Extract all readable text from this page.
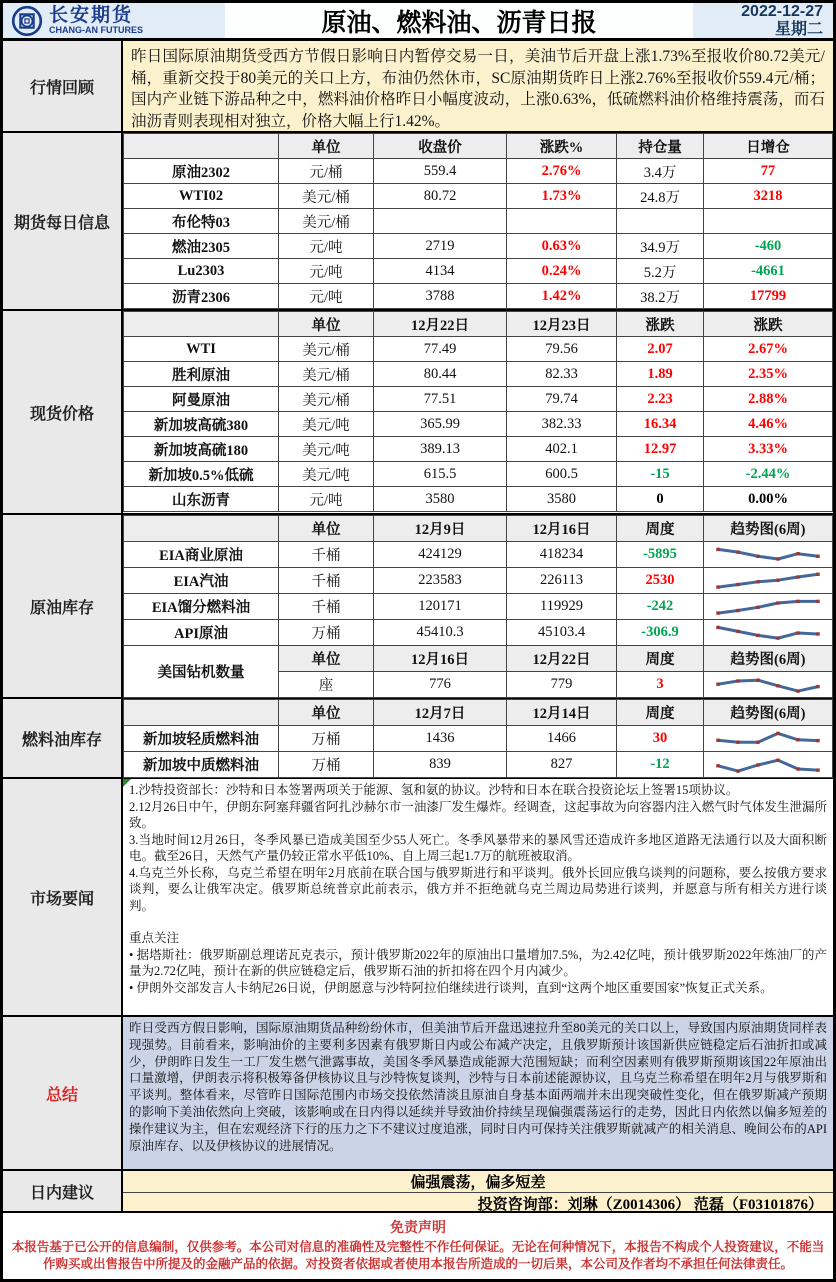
长安期货
CHANG-AN FUTURES	原油、燃料油、沥青日报	2022-12-27
星期二
行情回顾
昨日国际原油期货受西方节假日影响日内暂停交易一日，美油节后开盘上涨1.73%至报收价80.72美元/桶，重新交投于80美元的关口上方，布油仍然休市，SC原油期货昨日上涨2.76%至报收价559.4元/桶；国内产业链下游品种之中，燃料油价格昨日小幅度波动，上涨0.63%，低硫燃料油价格维持震荡，而石油沥青则表现相对独立，价格大幅上行1.42%。
期货每日信息
	单位	收盘价	涨跌%	持仓量	日增仓
原油2302	元/桶	559.4	2.76%	3.4万	77
WTI02	美元/桶	80.72	1.73%	24.8万	3218
布伦特03	美元/桶				
燃油2305	元/吨	2719	0.63%	34.9万	-460
Lu2303	元/吨	4134	0.24%	5.2万	-4661
沥青2306	元/吨	3788	1.42%	38.2万	17799
现货价格
	单位	12月22日	12月23日	涨跌	涨跌
WTI	美元/桶	77.49	79.56	2.07	2.67%
胜利原油	美元/桶	80.44	82.33	1.89	2.35%
阿曼原油	美元/桶	77.51	79.74	2.23	2.88%
新加坡高硫380	美元/吨	365.99	382.33	16.34	4.46%
新加坡高硫180	美元/吨	389.13	402.1	12.97	3.33%
新加坡0.5%低硫	美元/吨	615.5	600.5	-15	-2.44%
山东沥青	元/吨	3580	3580	0	0.00%
原油库存
	单位	12月9日	12月16日	周度	趋势图(6周)
EIA商业原油	千桶	424129	418234	-5895	

EIA汽油	千桶	223583	226113	2530	

EIA馏分燃料油	千桶	120171	119929	-242	

API原油	万桶	45410.3	45103.4	-306.9	

美国钻机数量	单位	12月16日	12月22日	周度	趋势图(6周)
	座	776	779	3	
燃料油库存
	单位	12月7日	12月14日	周度	趋势图(6周)
新加坡轻质燃料油	万桶	1436	1466	30	

新加坡中质燃料油	万桶	839	827	-12	
市场要闻

1.沙特投资部长：沙特和日本签署两项关于能源、氢和氨的协议。沙特和日本在联合投资论坛上签署15项协议。

2.12月26日中午，伊朗东阿塞拜疆省阿扎沙赫尔市一油漆厂发生爆炸。经调查，这起事故为向容器内注入燃气时气体发生泄漏所致。

3.当地时间12月26日，冬季风暴已造成美国至少55人死亡。冬季风暴带来的暴风雪还造成许多地区道路无法通行以及大面积断电。截至26日，天然气产量仍较正常水平低10%、自上周三起1.7万的航班被取消。

4.乌克兰外长称，乌克兰希望在明年2月底前在联合国与俄罗斯进行和平谈判。俄外长回应俄乌谈判的问题称，要么按俄方要求谈判，要么让俄军决定。俄罗斯总统普京此前表示，俄方并不拒绝就乌克兰周边局势进行谈判，并愿意与所有相关方进行谈判。

重点关注

• 据塔斯社：俄罗斯副总理诺瓦克表示，预计俄罗斯2022年的原油出口量增加7.5%，为2.42亿吨，预计俄罗斯2022年炼油厂的产量为2.72亿吨，预计在新的供应链稳定后，俄罗斯石油的折扣将在四个月内减少。

• 伊朗外交部发言人卡纳尼26日说，伊朗愿意与沙特阿拉伯继续进行谈判，直到“这两个地区重要国家”恢复正式关系。

总结
昨日受西方假日影响，国际原油期货品种纷纷休市，但美油节后开盘迅速拉升至80美元的关口以上，导致国内原油期货同样表现强势。目前看来，影响油价的主要利多因素有俄罗斯日内或公布减产决定，且俄罗斯预计该国新供应链稳定后石油折扣或减少，伊朗昨日发生一工厂发生燃气泄露事故，美国冬季风暴造成能源大范围短缺；而利空因素则有俄罗斯预期该国22年原油出口量激增，伊朗表示将积极筹备伊核协议且与沙特恢复谈判，沙特与日本前述能源协议，且乌克兰称希望在明年2月与俄罗斯和平谈判。整体看来，尽管昨日国际范围内市场交投依然清淡且原油自身基本面两端并未出现突破性变化，但在俄罗斯减产预期的影响下美油依然向上突破，该影响或在日内得以延续并导致油价持续呈现偏强震荡运行的走势，因此日内依然以偏多短差的操作建议为主，但在宏观经济下行的压力之下不建议过度追涨，同时日内可保持关注俄罗斯就减产的相关消息、晚间公布的API原油库存、以及伊核协议的进展情况。
日内建议
偏强震荡，偏多短差
投资咨询部：刘琳（Z0014306） 范磊（F03101876）
免责声明
本报告基于已公开的信息编制，仅供参考。本公司对信息的准确性及完整性不作任何保证。无论在何种情况下，本报告不构成个人投资建议，不能当作购买或出售报告中所提及的金融产品的依据。对投资者依据或者使用本报告所造成的一切后果，本公司及作者均不承担任何法律责任。
